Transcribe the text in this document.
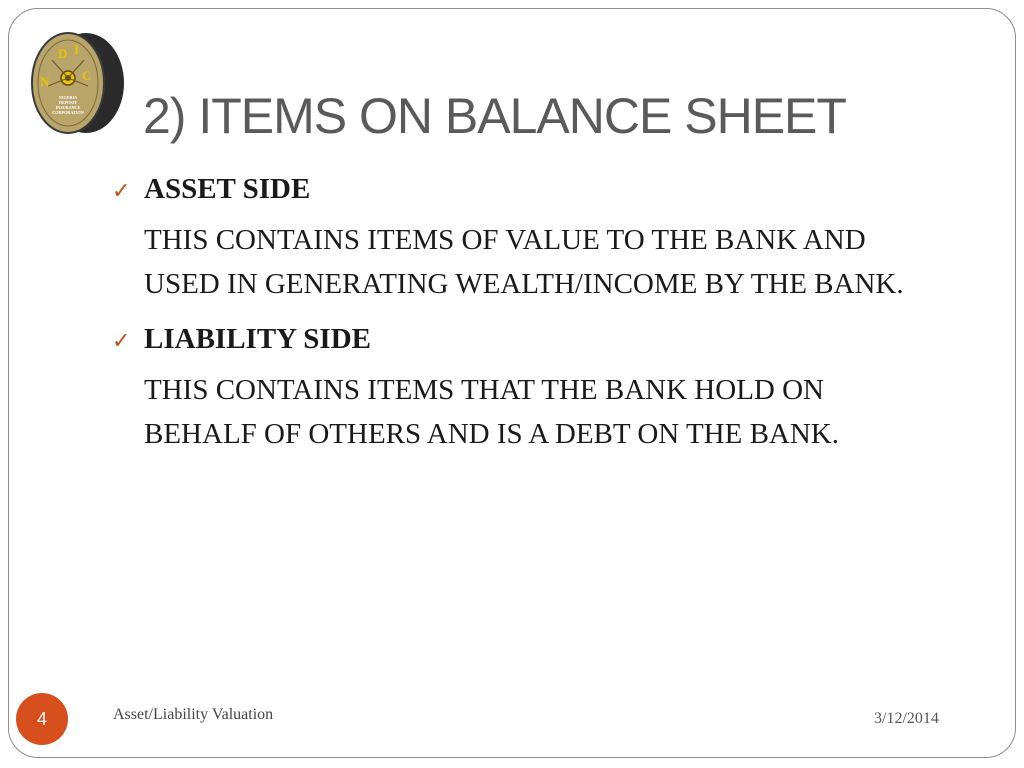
D I
C
N
NIGERIA
DEPOSIT
INSURANCE
CORPORATION 2) ITEMS ON BALANCE SHEET
✓ ASSET SIDE
THIS CONTAINS ITEMS OF VALUE TO THE BANK AND USED IN GENERATING WEALTH/INCOME BY THE BANK.
✓ LIABILITY SIDE
THIS CONTAINS ITEMS THAT THE BANK HOLD ON BEHALF OF OTHERS AND IS A DEBT ON THE BANK.
4	Asset/Liability Valuation	3/12/2014
